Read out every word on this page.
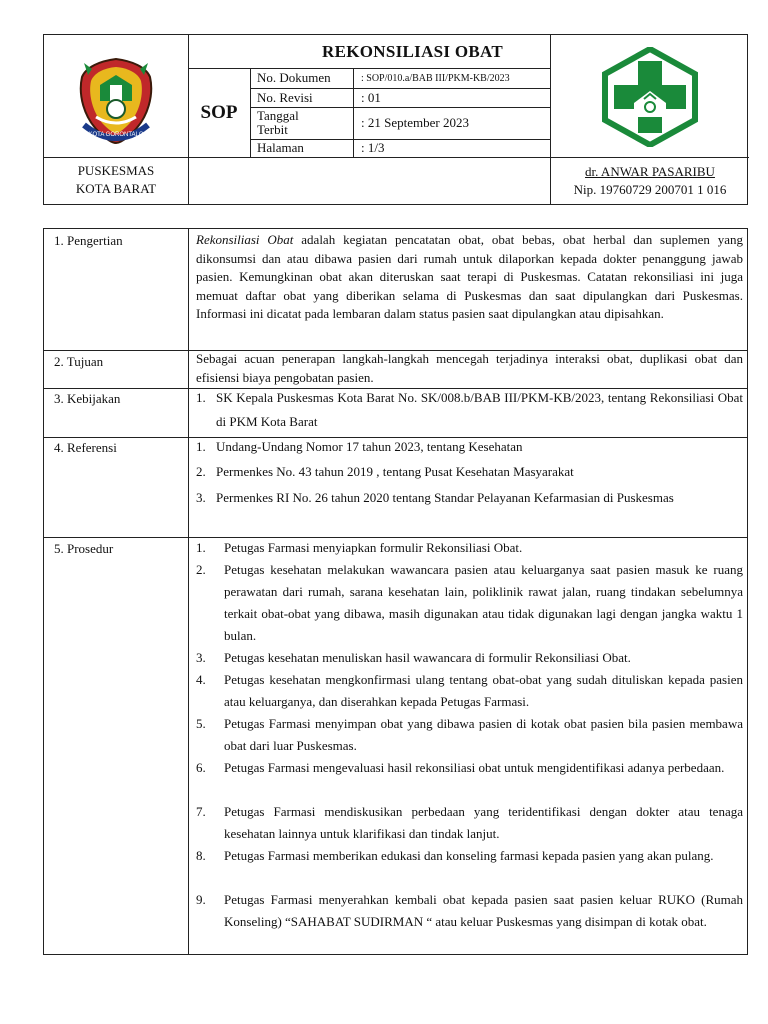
KOTA GORONTALO
REKONSILIASI OBAT
SOP
No. Dokumen	: SOP/010.a/BAB III/PKM-KB/2023
No. Revisi	: 01
Tanggal Terbit	: 21 September 2023
Halaman	: 1/3
PUSKESMAS
KOTA BARAT
dr. ANWAR PASARIBU
Nip. 19760729 200701 1 016
1. Pengertian	Rekonsiliasi Obat adalah kegiatan pencatatan obat, obat bebas, obat herbal dan suplemen yang dikonsumsi dan atau dibawa pasien dari rumah untuk dilaporkan kepada dokter penanggung jawab pasien. Kemungkinan obat akan diteruskan saat terapi di Puskesmas. Catatan rekonsiliasi ini juga memuat daftar obat yang diberikan selama di Puskesmas dan saat dipulangkan dari Puskesmas. Informasi ini dicatat pada lembaran dalam status pasien saat dipulangkan atau dipisahkan.
2. Tujuan	Sebagai acuan penerapan langkah-langkah mencegah terjadinya interaksi obat, duplikasi obat dan efisiensi biaya pengobatan pasien.
3. Kebijakan	1. SK Kepala Puskesmas Kota Barat No. SK/008.b/BAB III/PKM-KB/2023, tentang Rekonsiliasi Obat di PKM Kota Barat
4. Referensi	1. Undang-Undang Nomor 17 tahun 2023, tentang Kesehatan
2. Permenkes No. 43 tahun 2019 , tentang Pusat Kesehatan Masyarakat
3. Permenkes RI No. 26 tahun 2020 tentang Standar Pelayanan Kefarmasian di Puskesmas
5. Prosedur	1. Petugas Farmasi menyiapkan formulir Rekonsiliasi Obat.
2. Petugas kesehatan melakukan wawancara pasien atau keluarganya saat pasien masuk ke ruang perawatan dari rumah, sarana kesehatan lain, poliklinik rawat jalan, ruang tindakan sebelumnya terkait obat-obat yang dibawa, masih digunakan atau tidak digunakan lagi dengan jangka waktu 1 bulan.
3. Petugas kesehatan menuliskan hasil wawancara di formulir Rekonsiliasi Obat.
4. Petugas kesehatan mengkonfirmasi ulang tentang obat-obat yang sudah dituliskan kepada pasien atau keluarganya, dan diserahkan kepada Petugas Farmasi.
5. Petugas Farmasi menyimpan obat yang dibawa pasien di kotak obat pasien bila pasien membawa obat dari luar Puskesmas.
6. Petugas Farmasi mengevaluasi hasil rekonsiliasi obat untuk mengidentifikasi adanya perbedaan.
7. Petugas Farmasi mendiskusikan perbedaan yang teridentifikasi dengan dokter atau tenaga kesehatan lainnya untuk klarifikasi dan tindak lanjut.
8. Petugas Farmasi memberikan edukasi dan konseling farmasi kepada pasien yang akan pulang.
9. Petugas Farmasi menyerahkan kembali obat kepada pasien saat pasien keluar RUKO (Rumah Konseling) “SAHABAT SUDIRMAN “ atau keluar Puskesmas yang disimpan di kotak obat.
